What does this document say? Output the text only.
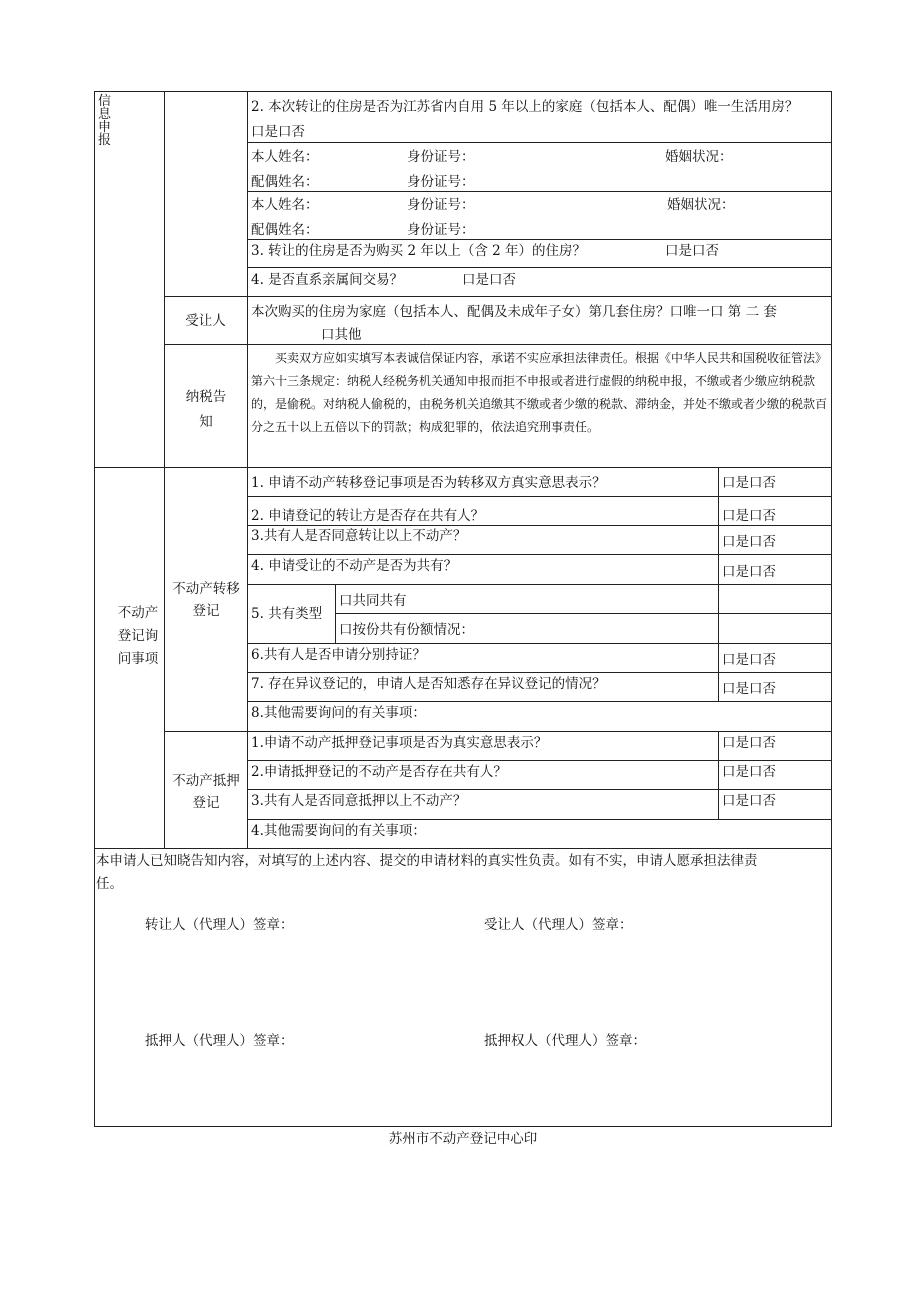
信息申报
2. 本次转让的住房是否为江苏省内自用 5 年以上的家庭（包括本人、配偶）唯一生活用房？
口是口否
本人姓名：	身份证号：	婚姻状况：
配偶姓名：	身份证号：
本人姓名：	身份证号：	婚姻状况：
配偶姓名：	身份证号：
3. 转让的住房是否为购买 2 年以上（含 2 年）的住房？	口是口否
4. 是否直系亲属间交易？	口是口否
受让人
本次购买的住房为家庭（包括本人、配偶及未成年子女）第几套住房？口唯一口 第 二 套
口其他
纳税告知
买卖双方应如实填写本表诚信保证内容，承诺不实应承担法律责任。根据《中华人民共和国税收征管法》第六十三条规定：纳税人经税务机关通知申报而拒不申报或者进行虚假的纳税申报，不缴或者少缴应纳税款的，是偷税。对纳税人偷税的，由税务机关追缴其不缴或者少缴的税款、滞纳金，并处不缴或者少缴的税款百分之五十以上五倍以下的罚款；构成犯罪的，依法追究刑事责任。
不动产登记询问事项
不动产转移登记
1. 申请不动产转移登记事项是否为转移双方真实意思表示？	口是口否
2. 申请登记的转让方是否存在共有人？	口是口否
3.共有人是否同意转让以上不动产？	口是口否
4. 申请受让的不动产是否为共有？	口是口否
5. 共有类型
口共同共有
口按份共有份额情况：
6.共有人是否申请分别持证？	口是口否
7. 存在异议登记的，申请人是否知悉存在异议登记的情况？	口是口否
8.其他需要询问的有关事项：
不动产抵押登记
1.申请不动产抵押登记事项是否为真实意思表示？	口是口否
2.申请抵押登记的不动产是否存在共有人？	口是口否
3.共有人是否同意抵押以上不动产？	口是口否
4.其他需要询问的有关事项：
本申请人已知晓告知内容，对填写的上述内容、提交的申请材料的真实性负责。如有不实，申请人愿承担法律责
任。
转让人（代理人）签章：	受让人（代理人）签章：
抵押人（代理人）签章：	抵押权人（代理人）签章：
苏州市不动产登记中心印
